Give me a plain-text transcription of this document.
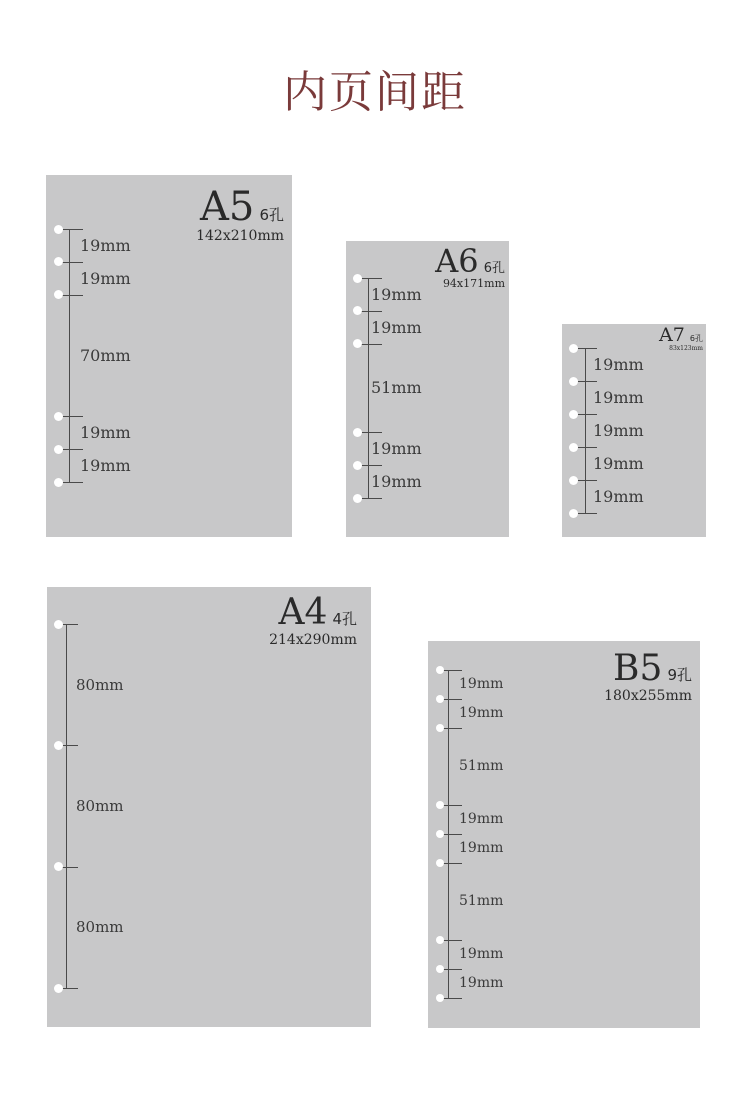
内页间距
A5 6孔
142x210mm
19mm
19mm
70mm
19mm
19mm
A6 6孔
94x171mm
19mm
19mm
51mm
19mm
19mm
A7 6孔
83x123mm
19mm
19mm
19mm
19mm
19mm
A4 4孔
214x290mm
80mm
80mm
80mm
B5 9孔
180x255mm
19mm
19mm
51mm
19mm
19mm
51mm
19mm
19mm
